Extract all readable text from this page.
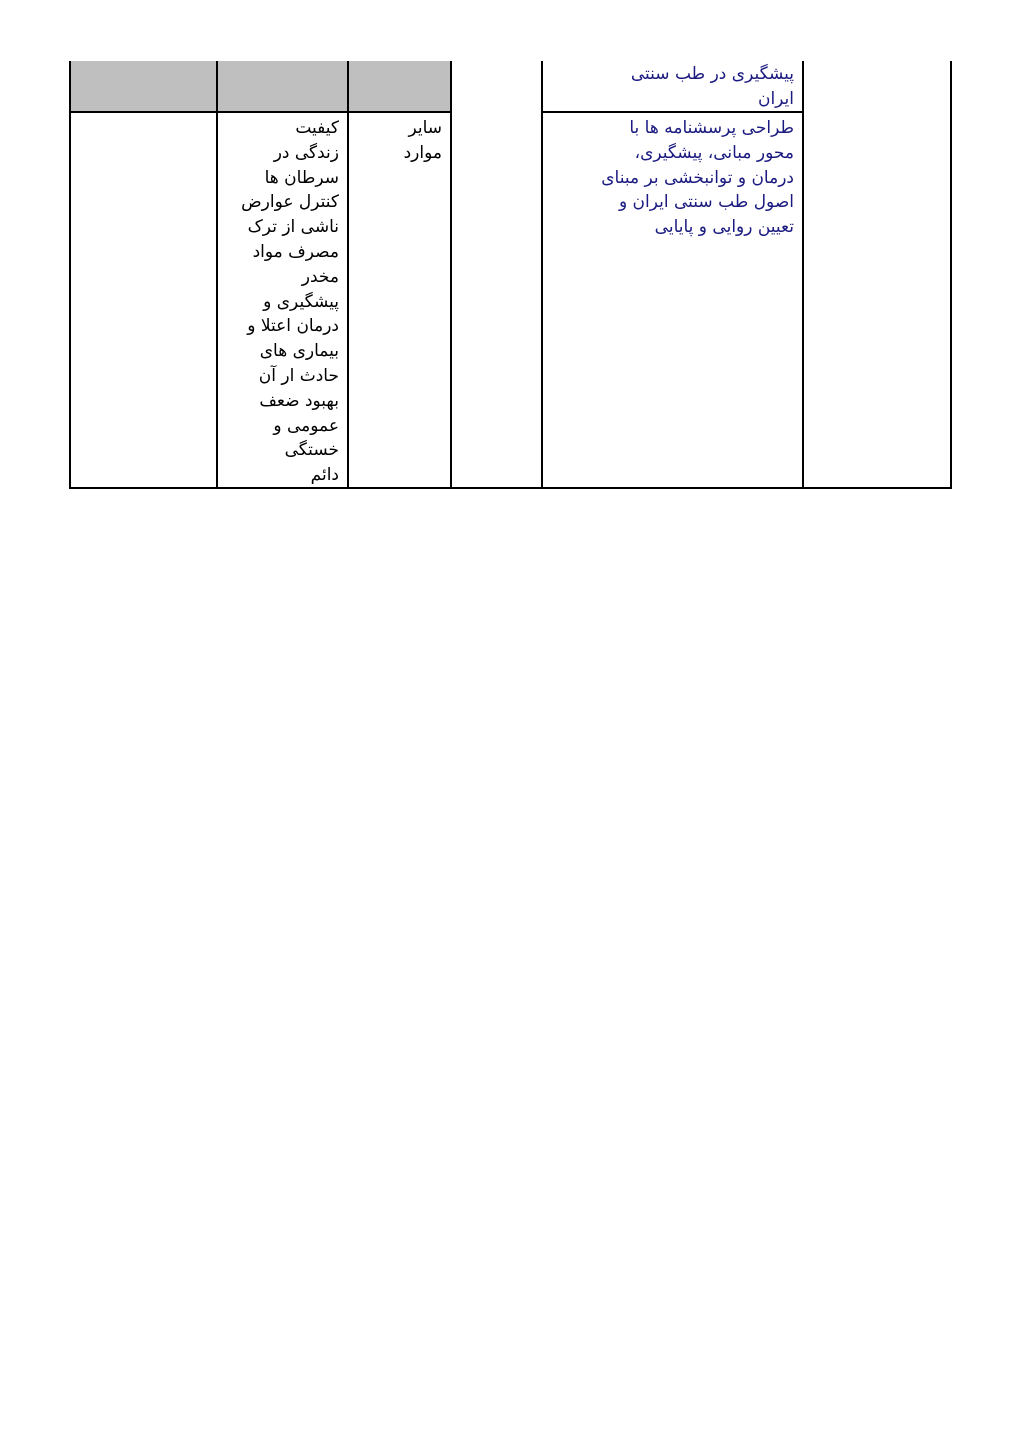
پیشگیری در طب سنتی
ایران
کیفیت
زندگی در
سرطان ها
کنترل عوارض
ناشی از ترک
مصرف مواد
مخدر
پیشگیری و
درمان اعتلا و
بیماری های
حادث ار آن
بهبود ضعف
عمومی و
خستگی
دائم
سایر
موارد
طراحی پرسشنامه ها با
محور مبانی، پیشگیری،
درمان و توانبخشی بر مبنای
اصول طب سنتی ایران و
تعیین روایی و پایایی
